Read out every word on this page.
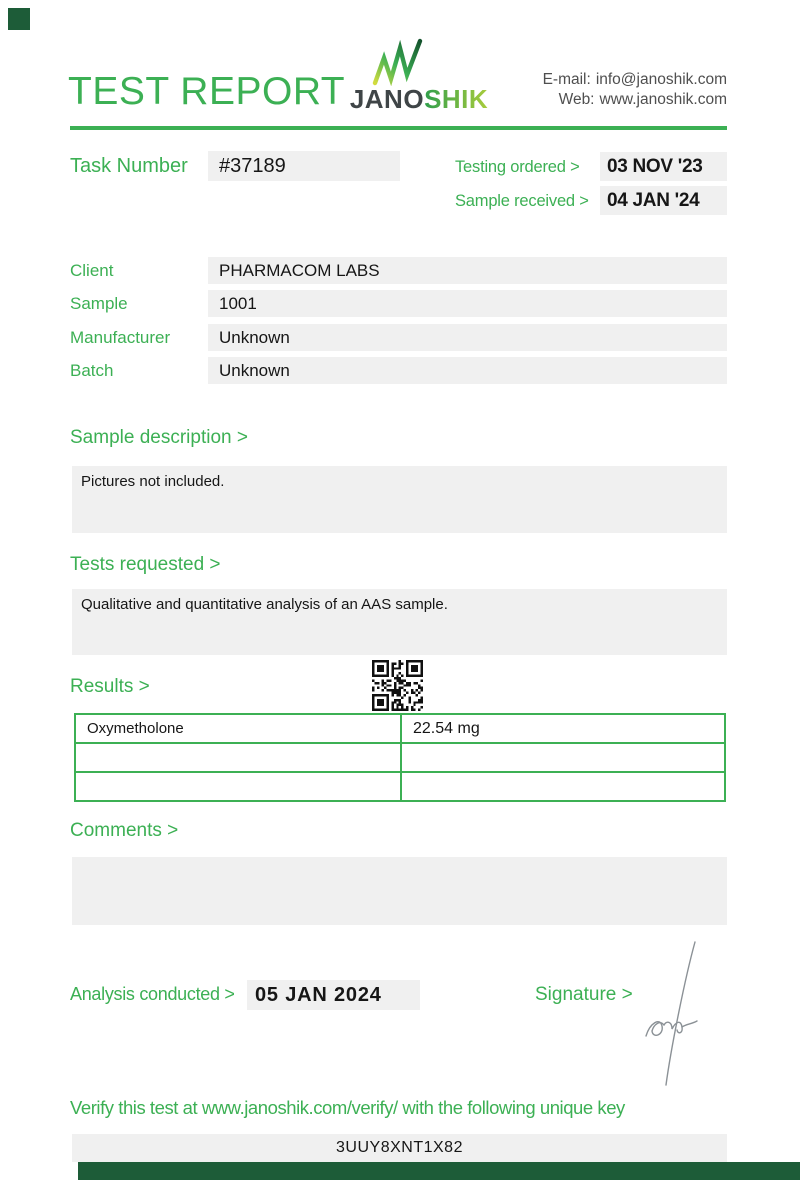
TEST REPORT JANOSHIK
E-mail: info@janoshik.com
Web: www.janoshik.com
Task Number	#37189	Testing ordered >	03 NOV '23
Sample received > 04 JAN '24
Client	PHARMACOM LABS
Sample	1001
Manufacturer	Unknown
Batch	Unknown
Sample description >
Pictures not included.
Tests requested >
Qualitative and quantitative analysis of an AAS sample.
Results >
Oxymetholone	22.54 mg
Comments >
Analysis conducted >	05 JAN 2024	Signature >
Verify this test at www.janoshik.com/verify/ with the following unique key
3UUY8XNT1X82
